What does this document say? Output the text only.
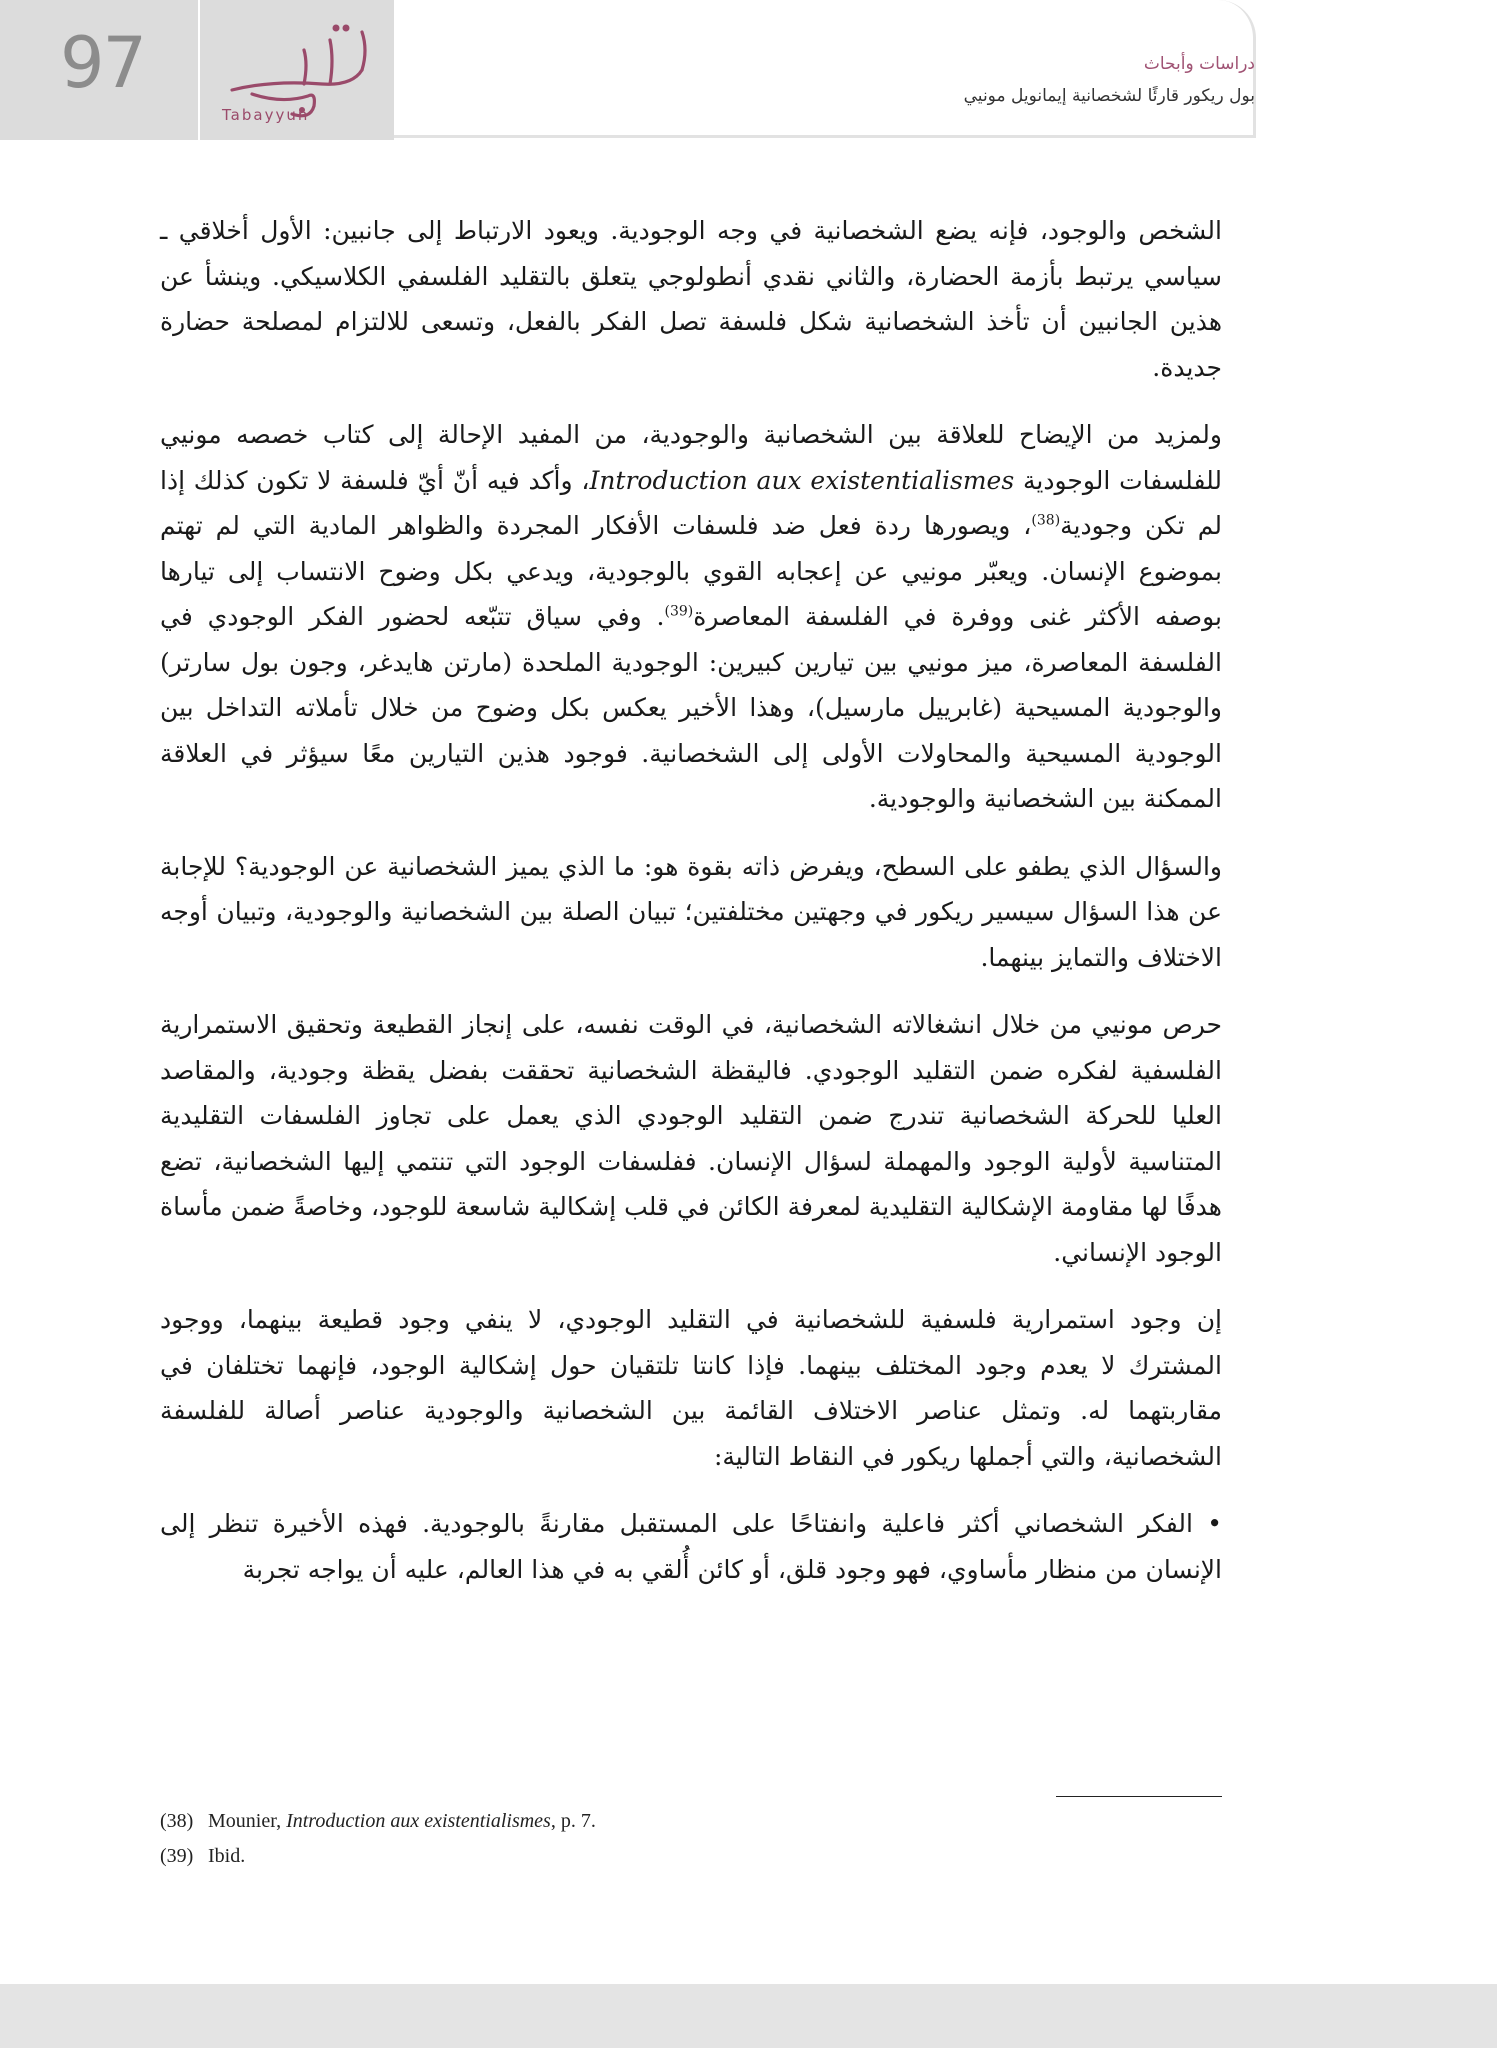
97
Tabayyun
دراسات وأبحاث
بول ريكور قارئًا لشخصانية إيمانويل مونيي

الشخص والوجود، فإنه يضع الشخصانية في وجه الوجودية. ويعود الارتباط إلى جانبين: الأول أخلاقي ـ سياسي يرتبط بأزمة الحضارة، والثاني نقدي أنطولوجي يتعلق بالتقليد الفلسفي الكلاسيكي. وينشأ عن هذين الجانبين أن تأخذ الشخصانية شكل فلسفة تصل الفكر بالفعل، وتسعى للالتزام لمصلحة حضارة جديدة.

ولمزيد من الإيضاح للعلاقة بين الشخصانية والوجودية، من المفيد الإحالة إلى كتاب خصصه مونيي للفلسفات الوجودية Introduction aux existentialismes، وأكد فيه أنّ أيّ فلسفة لا تكون كذلك إذا لم تكن وجودية$^{(38)}$، ويصورها ردة فعل ضد فلسفات الأفكار المجردة والظواهر المادية التي لم تهتم بموضوع الإنسان. ويعبّر مونيي عن إعجابه القوي بالوجودية، ويدعي بكل وضوح الانتساب إلى تيارها بوصفه الأكثر غنى ووفرة في الفلسفة المعاصرة$^{(39)}$. وفي سياق تتبّعه لحضور الفكر الوجودي في الفلسفة المعاصرة، ميز مونيي بين تيارين كبيرين: الوجودية الملحدة (مارتن هايدغر، وجون بول سارتر) والوجودية المسيحية (غابرييل مارسيل)، وهذا الأخير يعكس بكل وضوح من خلال تأملاته التداخل بين الوجودية المسيحية والمحاولات الأولى إلى الشخصانية. فوجود هذين التيارين معًا سيؤثر في العلاقة الممكنة بين الشخصانية والوجودية.

والسؤال الذي يطفو على السطح، ويفرض ذاته بقوة هو: ما الذي يميز الشخصانية عن الوجودية؟ للإجابة عن هذا السؤال سيسير ريكور في وجهتين مختلفتين؛ تبيان الصلة بين الشخصانية والوجودية، وتبيان أوجه الاختلاف والتمايز بينهما.

حرص مونيي من خلال انشغالاته الشخصانية، في الوقت نفسه، على إنجاز القطيعة وتحقيق الاستمرارية الفلسفية لفكره ضمن التقليد الوجودي. فاليقظة الشخصانية تحققت بفضل يقظة وجودية، والمقاصد العليا للحركة الشخصانية تندرج ضمن التقليد الوجودي الذي يعمل على تجاوز الفلسفات التقليدية المتناسية لأولية الوجود والمهملة لسؤال الإنسان. ففلسفات الوجود التي تنتمي إليها الشخصانية، تضع هدفًا لها مقاومة الإشكالية التقليدية لمعرفة الكائن في قلب إشكالية شاسعة للوجود، وخاصةً ضمن مأساة الوجود الإنساني.

إن وجود استمرارية فلسفية للشخصانية في التقليد الوجودي، لا ينفي وجود قطيعة بينهما، ووجود المشترك لا يعدم وجود المختلف بينهما. فإذا كانتا تلتقيان حول إشكالية الوجود، فإنهما تختلفان في مقاربتهما له. وتمثل عناصر الاختلاف القائمة بين الشخصانية والوجودية عناصر أصالة للفلسفة الشخصانية، والتي أجملها ريكور في النقاط التالية:

• الفكر الشخصاني أكثر فاعلية وانفتاحًا على المستقبل مقارنةً بالوجودية. فهذه الأخيرة تنظر إلى الإنسان من منظار مأساوي، فهو وجود قلق، أو كائن أُلقي به في هذا العالم، عليه أن يواجه تجربة

(38) Mounier, Introduction aux existentialismes, p. 7.
(39) Ibid.
